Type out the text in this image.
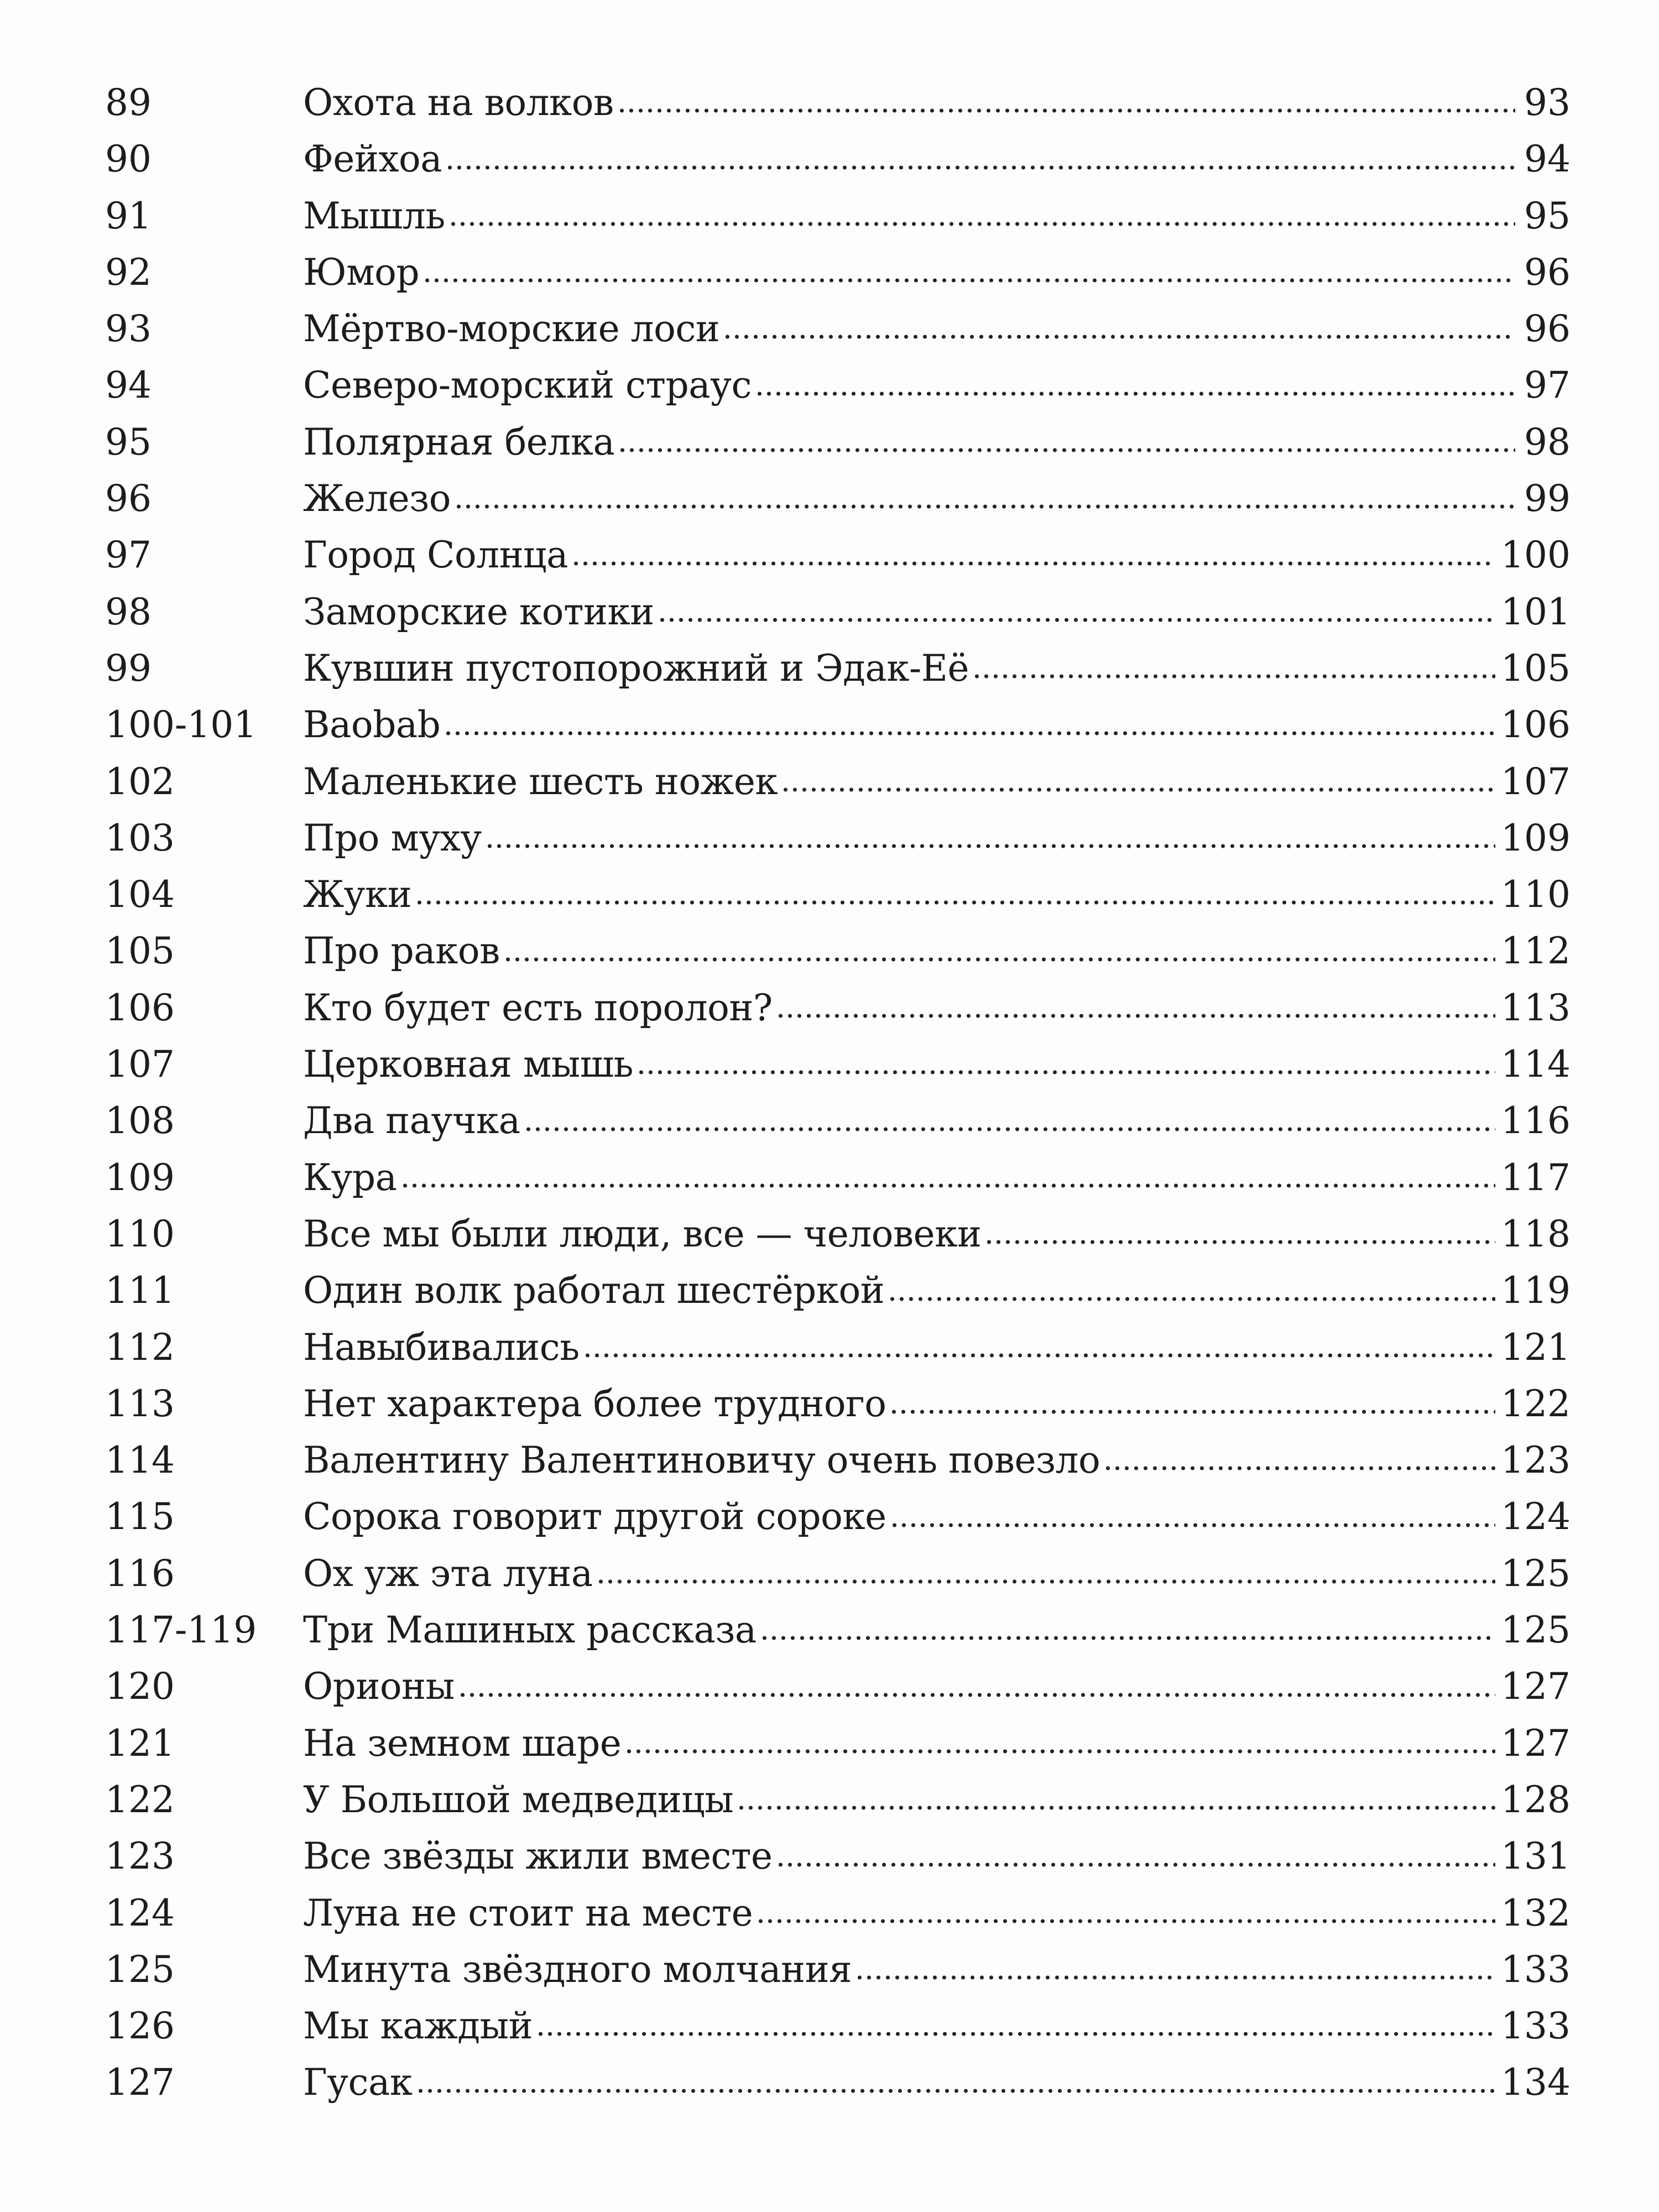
89	Охота на волков	93
90	Фейхоа	94
91	Мышль	95
92	Юмор	96
93	Мёртво-морские лоси	96
94	Северо-морский страус	97
95	Полярная белка	98
96	Железо	99
97	Город Солнца	100
98	Заморские котики	101
99	Кувшин пустопорожний и Эдак-Её	105
100-101	Baobab	106
102	Маленькие шесть ножек	107
103	Про муху	109
104	Жуки	110
105	Про раков	112
106	Кто будет есть поролон?	113
107	Церковная мышь	114
108	Два паучка	116
109	Кура	117
110	Все мы были люди, все — человеки	118
111	Один волк работал шестёркой	119
112	Навыбивались	121
113	Нет характера более трудного	122
114	Валентину Валентиновичу очень повезло	123
115	Сорока говорит другой сороке	124
116	Ох уж эта луна	125
117-119	Три Машиных рассказа	125
120	Орионы	127
121	На земном шаре	127
122	У Большой медведицы	128
123	Все звёзды жили вместе	131
124	Луна не стоит на месте	132
125	Минута звёздного молчания	133
126	Мы каждый	133
127	Гусак	134
